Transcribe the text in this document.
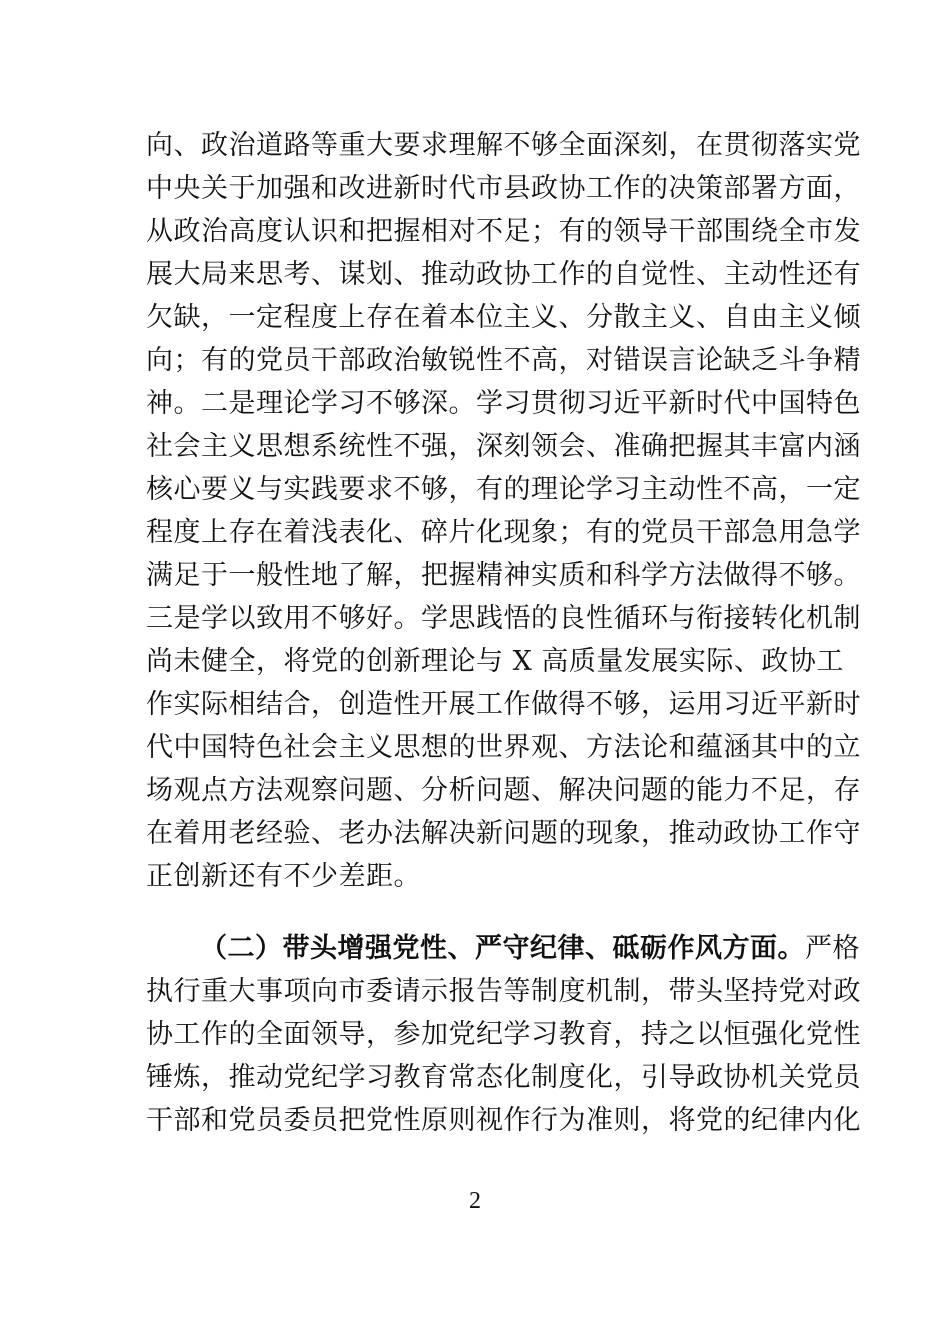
向、政治道路等重大要求理解不够全面深刻，在贯彻落实党
中央关于加强和改进新时代市县政协工作的决策部署方面，
从政治高度认识和把握相对不足；有的领导干部围绕全市发
展大局来思考、谋划、推动政协工作的自觉性、主动性还有
欠缺，一定程度上存在着本位主义、分散主义、自由主义倾
向；有的党员干部政治敏锐性不高，对错误言论缺乏斗争精
神。二是理论学习不够深。学习贯彻习近平新时代中国特色
社会主义思想系统性不强，深刻领会、准确把握其丰富内涵
核心要义与实践要求不够，有的理论学习主动性不高，一定
程度上存在着浅表化、碎片化现象；有的党员干部急用急学
满足于一般性地了解，把握精神实质和科学方法做得不够。
三是学以致用不够好。学思践悟的良性循环与衔接转化机制
尚未健全，将党的创新理论与 X 高质量发展实际、政协工
作实际相结合，创造性开展工作做得不够，运用习近平新时
代中国特色社会主义思想的世界观、方法论和蕴涵其中的立
场观点方法观察问题、分析问题、解决问题的能力不足，存
在着用老经验、老办法解决新问题的现象，推动政协工作守
正创新还有不少差距。
（二）带头增强党性、严守纪律、砥砺作风方面。严格
执行重大事项向市委请示报告等制度机制，带头坚持党对政
协工作的全面领导，参加党纪学习教育，持之以恒强化党性
锤炼，推动党纪学习教育常态化制度化，引导政协机关党员
干部和党员委员把党性原则视作行为准则，将党的纪律内化
2
